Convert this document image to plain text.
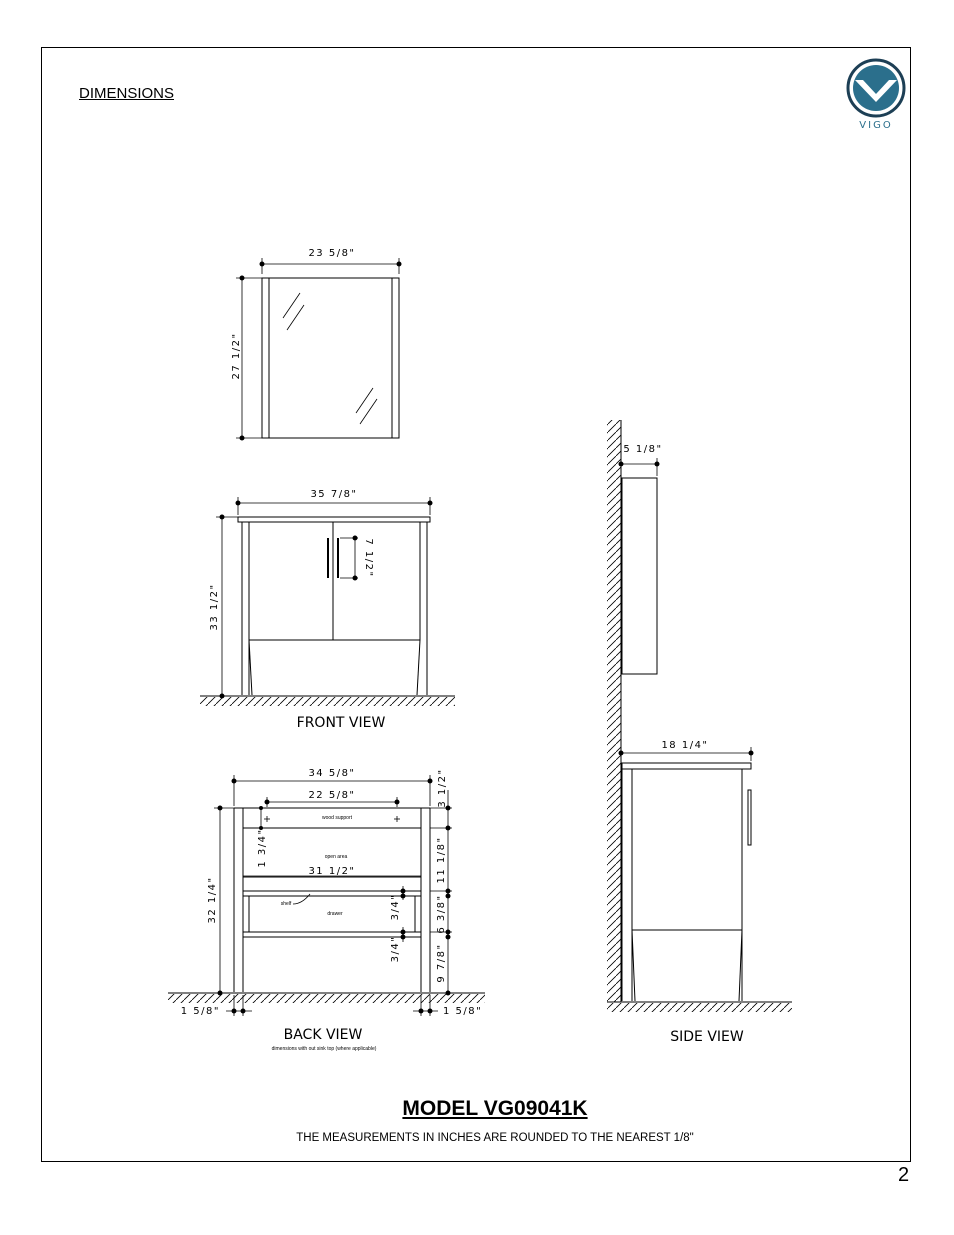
DIMENSIONS
VIGO
23 5/8"
27 1/2"
35 7/8"
33 1/2"
7 1/2"
FRONT VIEW
wood support
open area
shelf
drawer
34 5/8"
22 5/8"
31 1/2"
32 1/4"
1 3/4"
3 1/2"
11 1/8"
6 3/8"
9 7/8"
3/4"
3/4"
1 5/8"	1 5/8"
BACK VIEW
dimensions with out sink top (where applicable)
5 1/8"
18 1/4"
SIDE VIEW
MODEL VG09041K
THE MEASUREMENTS IN INCHES ARE ROUNDED TO THE NEAREST 1/8"
2
